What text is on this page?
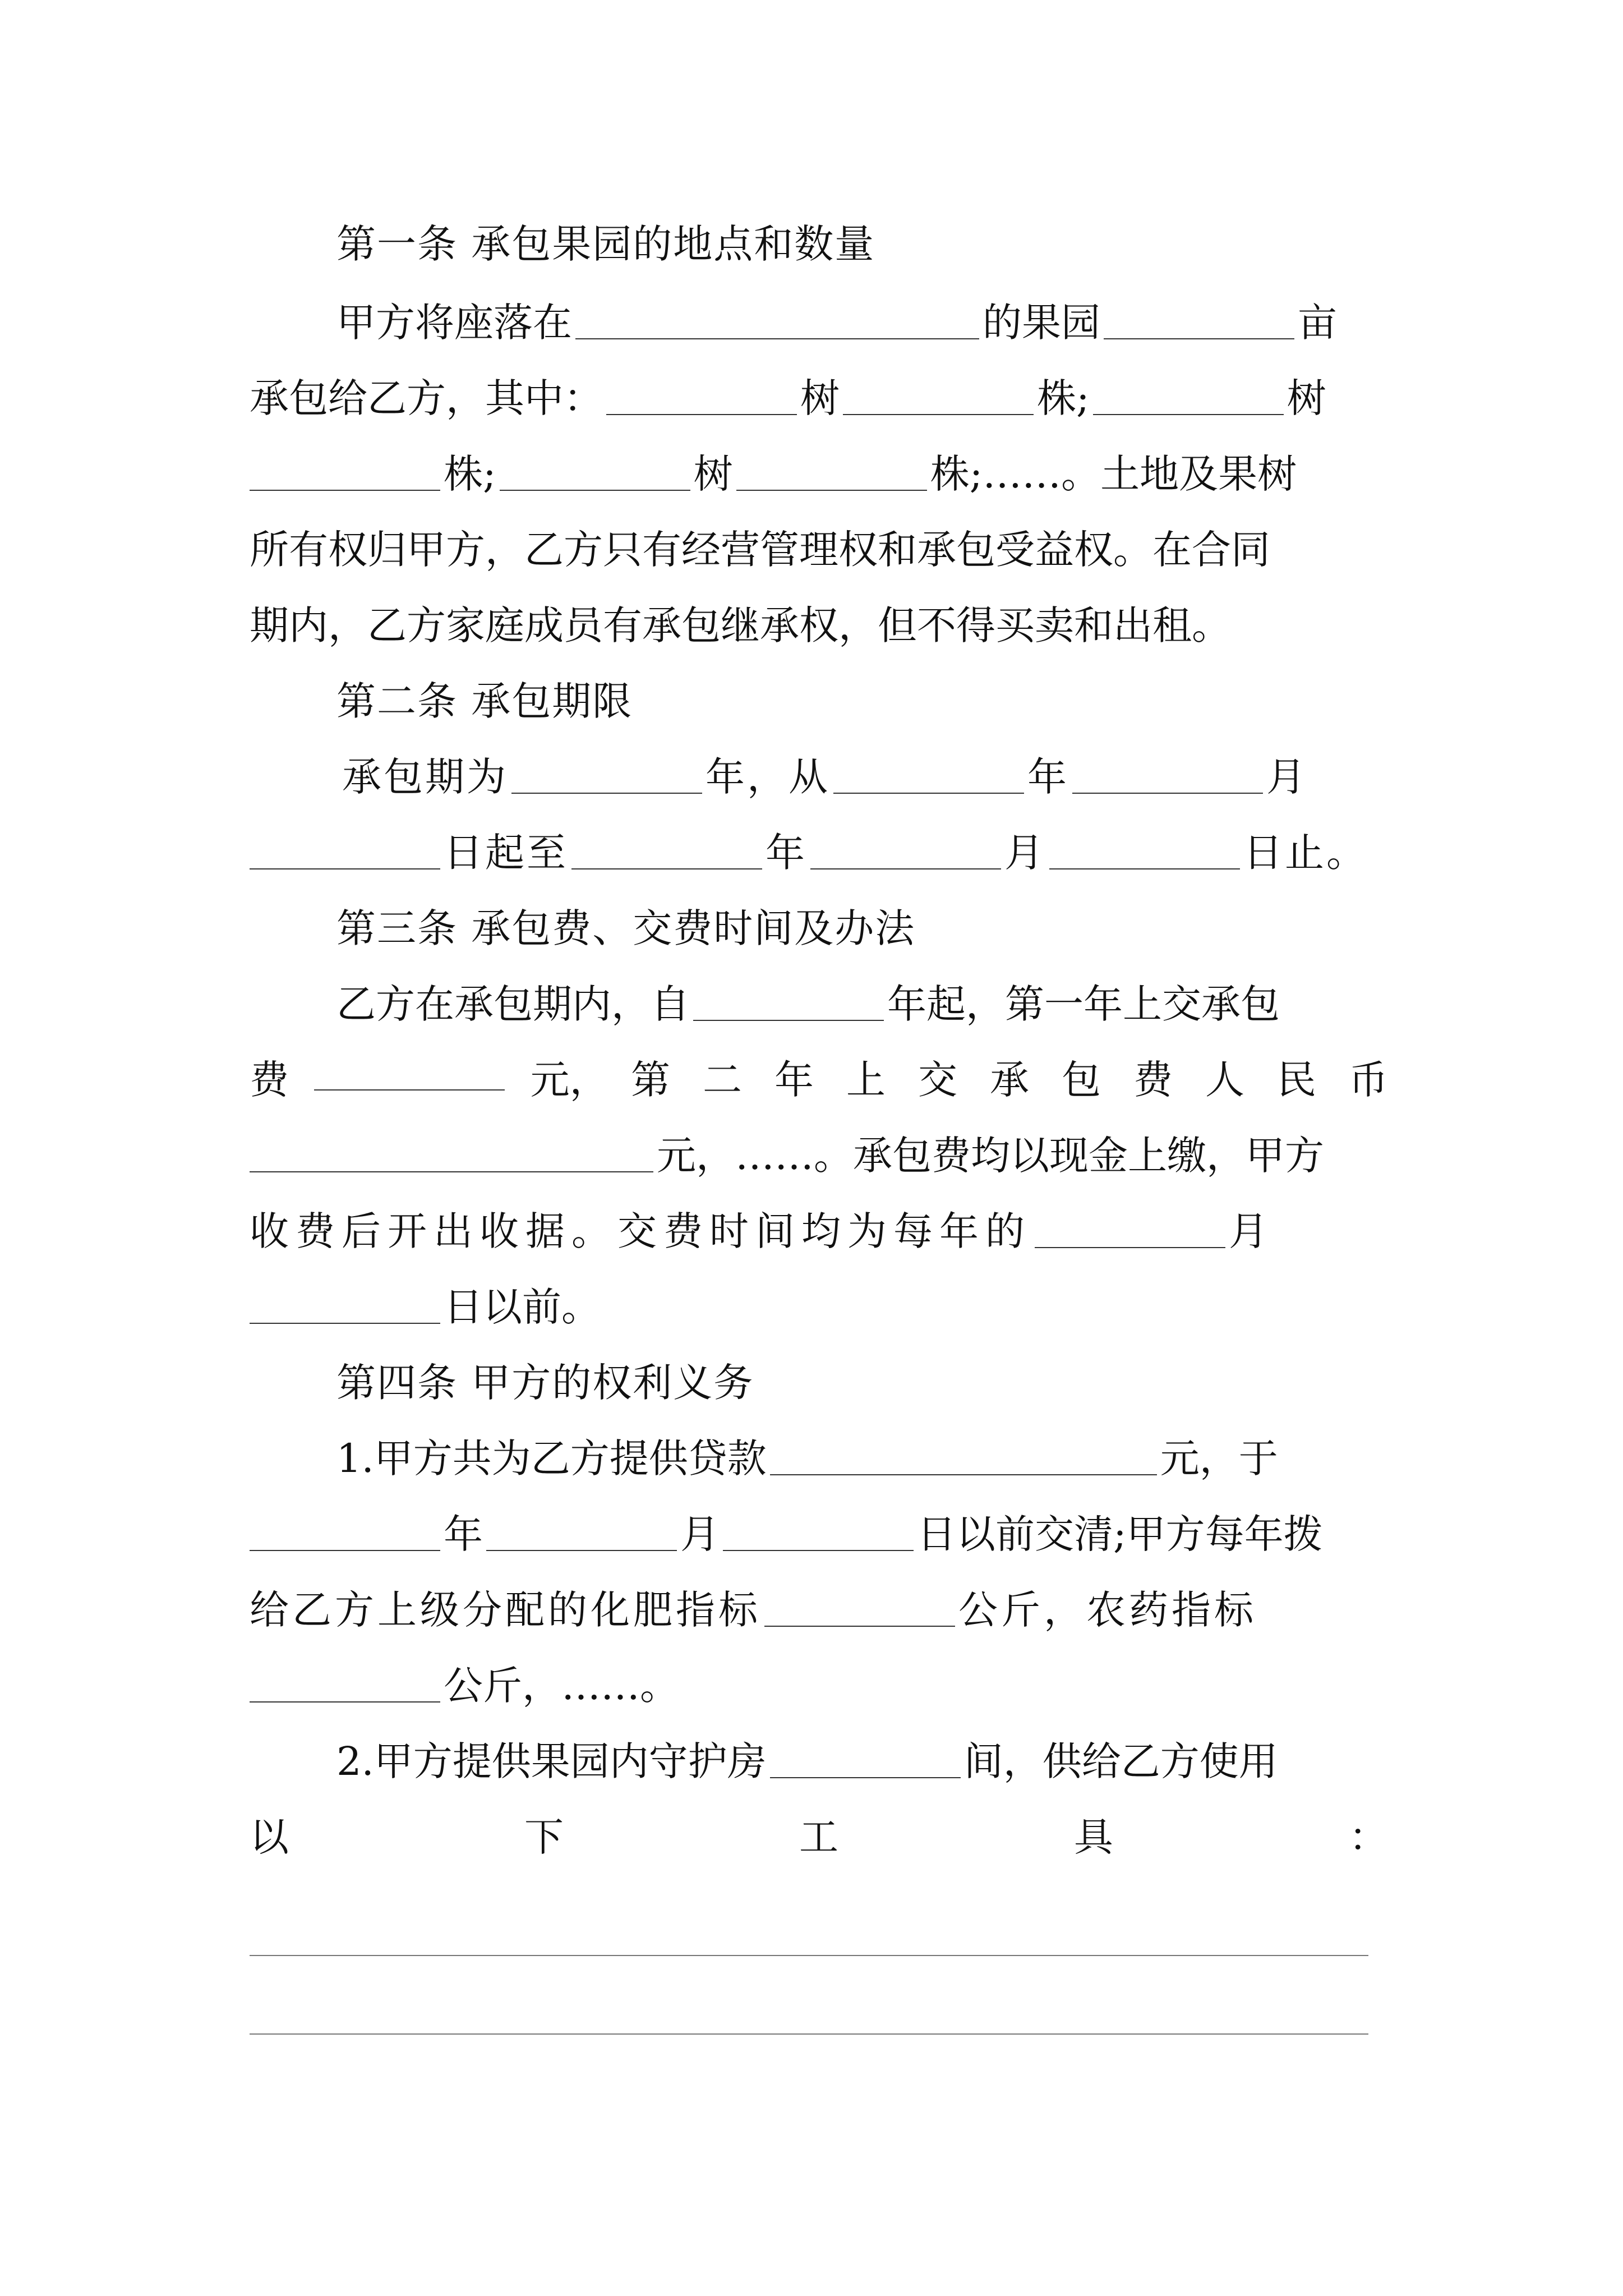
第一条 承包果园的地点和数量
甲方将座落在	的果园	亩
承包给乙方，其中：	树	株;	树
株;	树	株;……。土地及果树
所有权归甲方，乙方只有经营管理权和承包受益权。在合同
期内，乙方家庭成员有承包继承权，但不得买卖和出租。
第二条 承包期限
承包期为	年，从	年	月
日起至	年	月	日止。
第三条 承包费、交费时间及办法
乙方在承包期内，自	年起，第一年上交承包
费	元， 第二年上交承包费人民币
元，……。承包费均以现金上缴，甲方
收费后开出收据。交费时间均为每年的	月
日以前。
第四条 甲方的权利义务
1.甲方共为乙方提供贷款	元，于
年	月	日以前交清;甲方每年拨
给乙方上级分配的化肥指标	公斤，农药指标
公斤，……。
2.甲方提供果园内守护房	间，供给乙方使用
以	下	工	具	：
